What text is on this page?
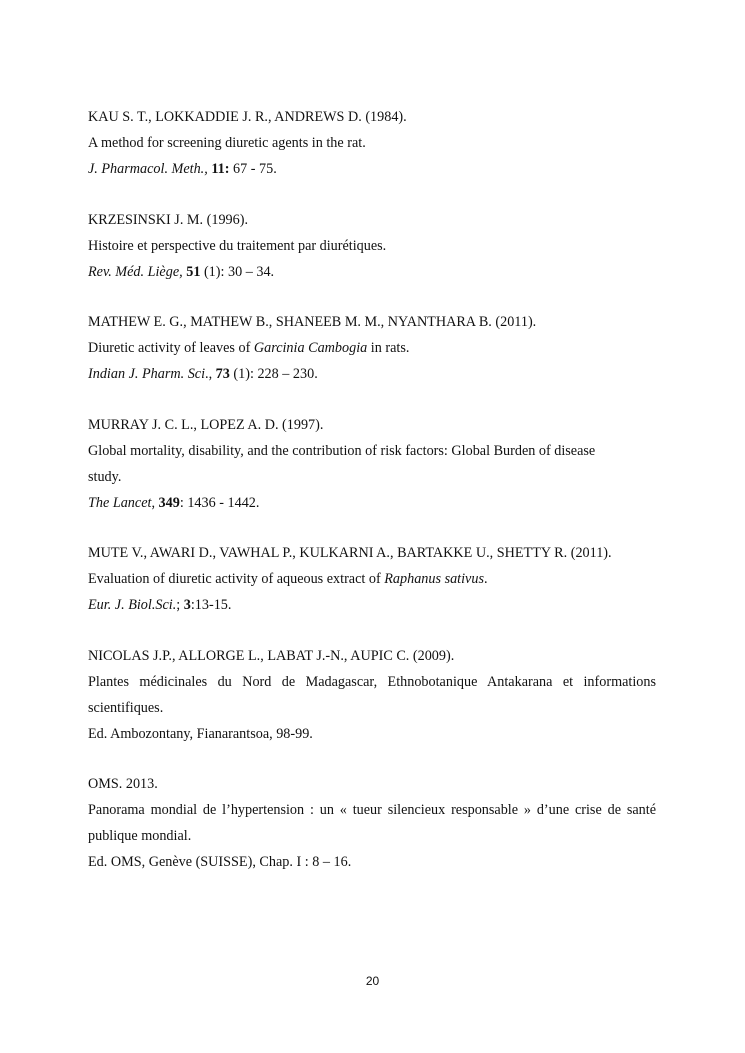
KAU S. T., LOKKADDIE J. R., ANDREWS D. (1984).
A method for screening diuretic agents in the rat.
J. Pharmacol. Meth., 11: 67 - 75.
KRZESINSKI J. M. (1996).
Histoire et perspective du traitement par diurétiques.
Rev. Méd. Liège, 51 (1): 30 – 34.
MATHEW E. G., MATHEW B., SHANEEB M. M., NYANTHARA B. (2011).
Diuretic activity of leaves of Garcinia Cambogia in rats.
Indian J. Pharm. Sci., 73 (1): 228 – 230.
MURRAY J. C. L., LOPEZ A. D. (1997).
Global mortality, disability, and the contribution of risk factors: Global Burden of disease
study.
The Lancet, 349: 1436 - 1442.
MUTE V., AWARI D., VAWHAL P., KULKARNI A., BARTAKKE U., SHETTY R. (2011).
Evaluation of diuretic activity of aqueous extract of Raphanus sativus.
Eur. J. Biol.Sci.; 3:13-15.
NICOLAS J.P., ALLORGE L., LABAT J.-N., AUPIC C. (2009).
Plantes médicinales du Nord de Madagascar, Ethnobotanique Antakarana et informations scientifiques.
Ed. Ambozontany, Fianarantsoa, 98-99.
OMS. 2013.
Panorama mondial de l’hypertension : un « tueur silencieux responsable » d’une crise de santé publique mondial.
Ed. OMS, Genève (SUISSE), Chap. I : 8 – 16.
20
